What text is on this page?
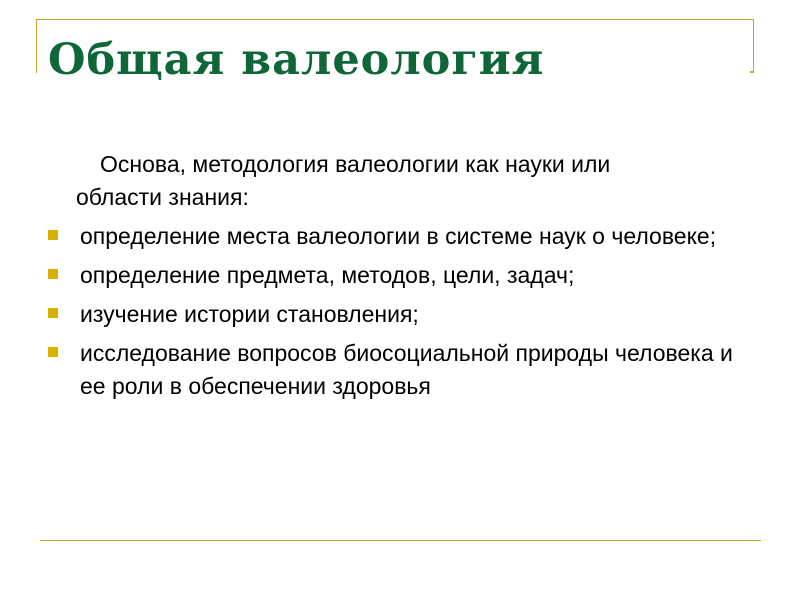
Общая валеология

Основа, методология валеологии как науки или
области знания:

определение места валеологии в системе наук о человеке;
определение предмета, методов, цели, задач;
изучение истории становления;
исследование вопросов биосоциальной природы человека и ее роли в обеспечении здоровья
